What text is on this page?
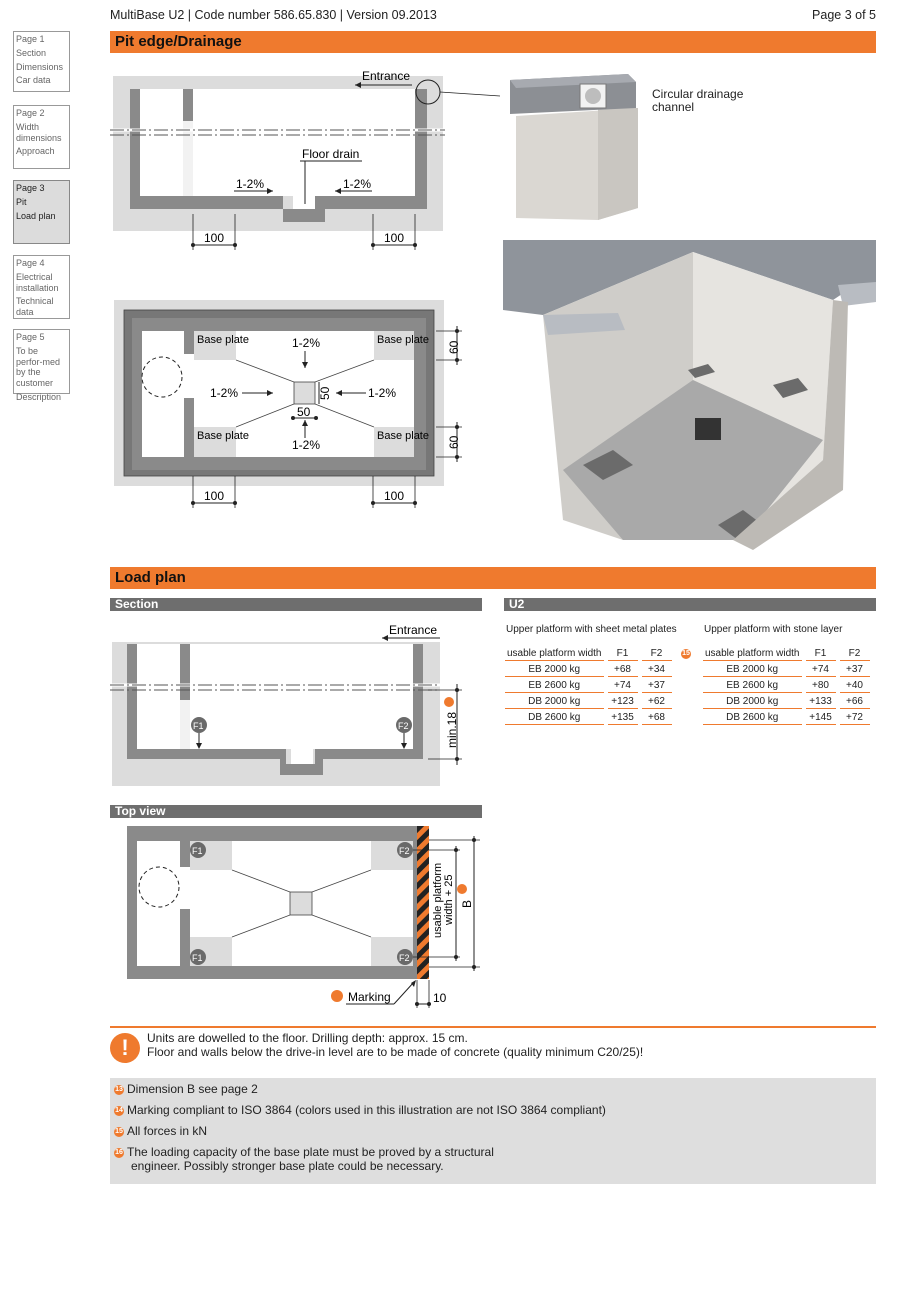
MultiBase U2 | Code number 586.65.830 | Version 09.2013	Page 3 of 5
Page 1
Section
Dimensions
Car data
Page 2
Width dimensions
Approach
Page 3
Pit
Load plan
Page 4
Electrical installation
Technical data
Page 5
To be perfor-med by the customer
Description
Pit edge/Drainage
Entrance
Floor drain
1-2%	1-2%
100	100
Circular drainage channel
Base plate	Base plate
Base plate	Base plate
1-2%
1-2%
1-2%	1-2%
50
50
60
60
100	100
Load plan
Section	U2
Entrance
F1	F2	min.18
Upper platform with sheet metal plates	Upper platform with stone layer
usable platform width	F1	F2
EB 2000 kg	+68	+34
EB 2600 kg	+74	+37
DB 2000 kg	+123	+62
DB 2600 kg	+135	+68
15 usable platform width	F1	F2
EB 2000 kg	+74	+37
EB 2600 kg	+80	+40
DB 2000 kg	+133	+66
DB 2600 kg	+145	+72
Top view
F1	F2
F1	F2
usable platform width + 25 B
Marking	10
!	Units are dowelled to the floor. Drilling depth: approx. 15 cm.
Floor and walls below the drive-in level are to be made of concrete (quality minimum C20/25)!
13 Dimension B see page 2
14 Marking compliant to ISO 3864 (colors used in this illustration are not ISO 3864 compliant)
15 All forces in kN
16 The loading capacity of the base plate must be proved by a structural
engineer. Possibly stronger base plate could be necessary.
